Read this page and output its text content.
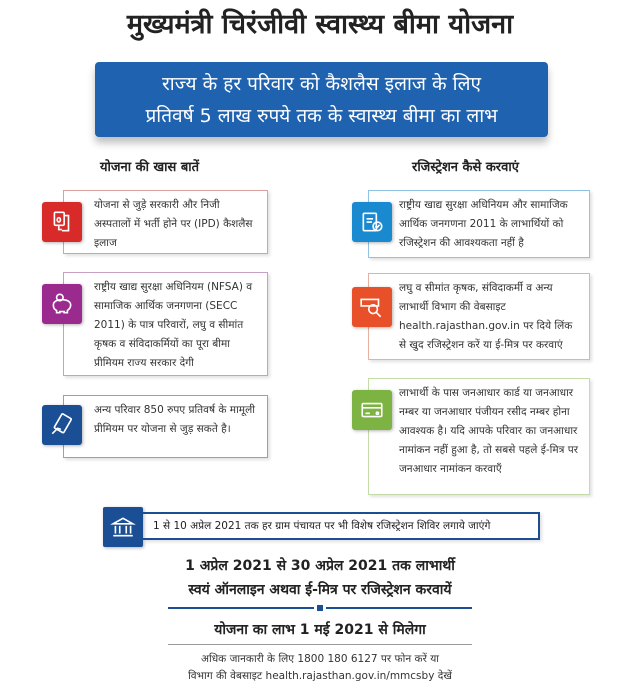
मुख्यमंत्री चिरंजीवी स्वास्थ्य बीमा योजना
राज्य के हर परिवार को कैशलैस इलाज के लिए
प्रतिवर्ष 5 लाख रुपये तक के स्वास्थ्य बीमा का लाभ
योजना की खास बातें	रजिस्ट्रेशन कैसे करवाएं
योजना से जुड़े सरकारी और निजी अस्पतालों में भर्ती होने पर (IPD) कैशलैस इलाज
राष्ट्रीय खाद्य सुरक्षा अधिनियम (NFSA) व सामाजिक आर्थिक जनगणना (SECC 2011) के पात्र परिवारों, लघु व सीमांत कृषक व संविदाकर्मियों का पूरा बीमा प्रीमियम राज्य सरकार देगी
अन्य परिवार 850 रुपए प्रतिवर्ष के मामूली प्रीमियम पर योजना से जुड़ सकते है।
राष्ट्रीय खाद्य सुरक्षा अधिनियम और सामाजिक आर्थिक जनगणना 2011 के लाभार्थियों को रजिस्ट्रेशन की आवश्यकता नहीं है
लघु व सीमांत कृषक, संविदाकर्मी व अन्य लाभार्थी विभाग की वेबसाइट health.rajasthan.gov.in पर दिये लिंक से खुद रजिस्ट्रेशन करें या ई-मित्र पर करवाएं
लाभार्थी के पास जनआधार कार्ड या जनआधार नम्बर या जनआधार पंजीयन रसीद नम्बर होना आवश्यक है। यदि आपके परिवार का जनआधार नामांकन नहीं हुआ है, तो सबसे पहले ई-मित्र पर जनआधार नामांकन करवाएँ
1 से 10 अप्रेल 2021 तक हर ग्राम पंचायत पर भी विशेष रजिस्ट्रेशन शिविर लगाये जाएंगे
1 अप्रेल 2021 से 30 अप्रेल 2021 तक लाभार्थी
स्वयं ऑनलाइन अथवा ई-मित्र पर रजिस्ट्रेशन करवायें
योजना का लाभ 1 मई 2021 से मिलेगा
अधिक जानकारी के लिए 1800 180 6127 पर फोन करें या
विभाग की वेबसाइट health.rajasthan.gov.in/mmcsby देखें
